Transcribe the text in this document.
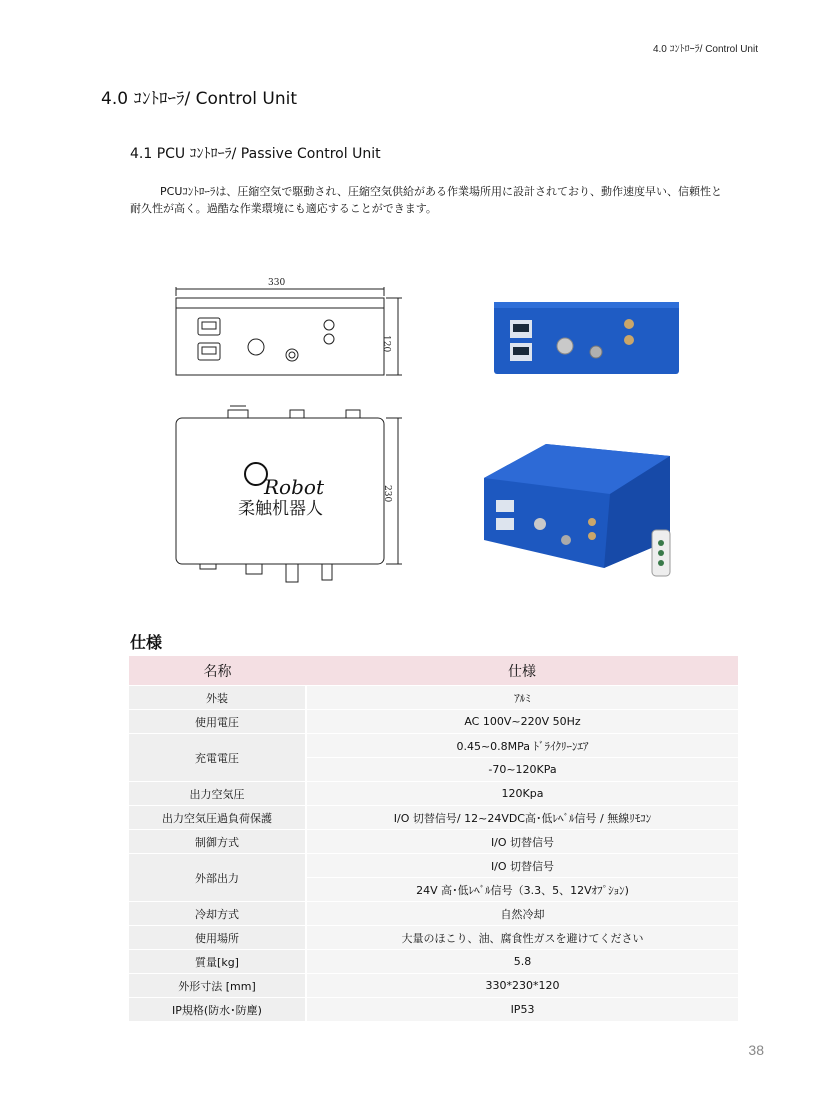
4.0 ｺﾝﾄﾛｰﾗ/ Control Unit
4.0 ｺﾝﾄﾛｰﾗ/ Control Unit
4.1 PCU ｺﾝﾄﾛｰﾗ/ Passive Control Unit
PCUｺﾝﾄﾛｰﾗは、圧縮空気で駆動され、圧縮空気供給がある作業場所用に設計されており、動作速度早い、信頼性と耐久性が高く。過酷な作業環境にも適応することができます。
330
120
Robot
柔触机器人
230
仕様
名称	仕様
外装	ｱﾙﾐ
使用電圧	AC 100V~220V 50Hz
充電電圧	0.45~0.8MPa ﾄﾞﾗｲｸﾘｰﾝｴｱ
	-70~120KPa
出力空気圧	120Kpa
出力空気圧過負荷保護	I/O 切替信号/ 12~24VDC高･低ﾚﾍﾞﾙ信号 / 無線ﾘﾓｺﾝ
制御方式	I/O 切替信号
外部出力	I/O 切替信号
	24V 高･低ﾚﾍﾞﾙ信号（3.3、5、12Vｵﾌﾟｼｮﾝ)
冷却方式	自然冷却
使用場所	大量のほこり、油、腐食性ガスを避けてください
質量[kg]	5.8
外形寸法 [mm]	330*230*120
IP規格(防水･防塵)	IP53
38
